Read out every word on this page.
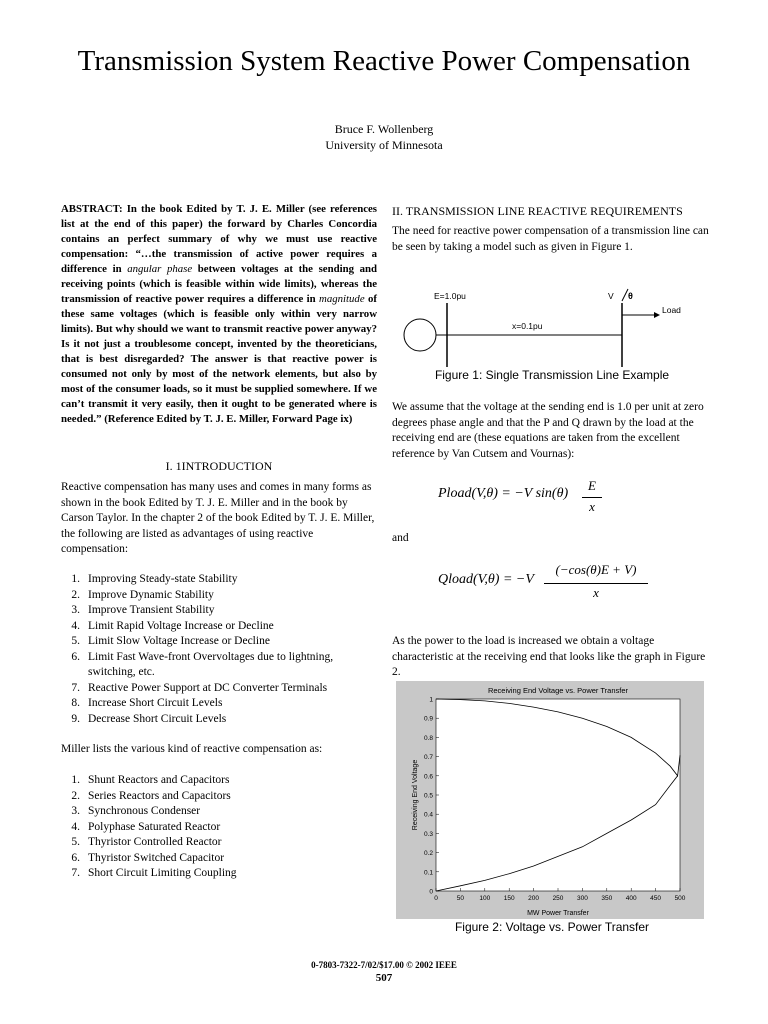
Transmission System Reactive Power Compensation
Bruce F. Wollenberg
University of Minnesota
ABSTRACT: In the book Edited by T. J. E. Miller (see references list at the end of this paper) the forward by Charles Concordia contains an perfect summary of why we must use reactive compensation: “…the transmission of active power requires a difference in angular phase between voltages at the sending and receiving points (which is feasible within wide limits), whereas the transmission of reactive power requires a difference in magnitude of these same voltages (which is feasible only within very narrow limits). But why should we want to transmit reactive power anyway? Is it not just a troublesome concept, invented by the theoreticians, that is best disregarded? The answer is that reactive power is consumed not only by most of the network elements, but also by most of the consumer loads, so it must be supplied somewhere. If we can’t transmit it very easily, then it ought to be generated where is needed.” (Reference Edited by T. J. E. Miller, Forward Page ix)
I. 1INTRODUCTION
Reactive compensation has many uses and comes in many forms as shown in the book Edited by T. J. E. Miller and in the book by Carson Taylor. In the chapter 2 of the book Edited by T. J. E. Miller, the following are listed as advantages of using reactive compensation:
1. Improving Steady-state Stability
2. Improve Dynamic Stability
3. Improve Transient Stability
4. Limit Rapid Voltage Increase or Decline
5. Limit Slow Voltage Increase or Decline
6. Limit Fast Wave-front Overvoltages due to lightning, switching, etc.
7. Reactive Power Support at DC Converter Terminals
8. Increase Short Circuit Levels
9. Decrease Short Circuit Levels
Miller lists the various kind of reactive compensation as:
1. Shunt Reactors and Capacitors
2. Series Reactors and Capacitors
3. Synchronous Condenser
4. Polyphase Saturated Reactor
5. Thyristor Controlled Reactor
6. Thyristor Switched Capacitor
7. Short Circuit Limiting Coupling
II. TRANSMISSION LINE REACTIVE REQUIREMENTS
The need for reactive power compensation of a transmission line can be seen by taking a model such as given in Figure 1.
E=1.0pu	V θ
x=0.1pu
Load
Figure 1: Single Transmission Line Example
We assume that the voltage at the sending end is 1.0 per unit at zero degrees phase angle and that the P and Q drawn by the load at the receiving end are (these equations are taken from the excellent reference by Van Cutsem and Vournas):
Pload(V,θ) = −V sin(θ)
E
x
and
Qload(V,θ) = −V
(−cos(θ)E + V)
x
As the power to the load is increased we obtain a voltage characteristic at the receiving end that looks like the graph in Figure 2.
Receiving End Voltage vs. Power Transfer
MW Power Transfer
Receiving End Voltage
0	50 100 150 200 250 300 350 400 450 500
0
0.1
0.2
0.3
0.4
0.5
0.6
0.7
0.8
0.9
1
Figure 2: Voltage vs. Power Transfer
0-7803-7322-7/02/$17.00 © 2002 IEEE
507
